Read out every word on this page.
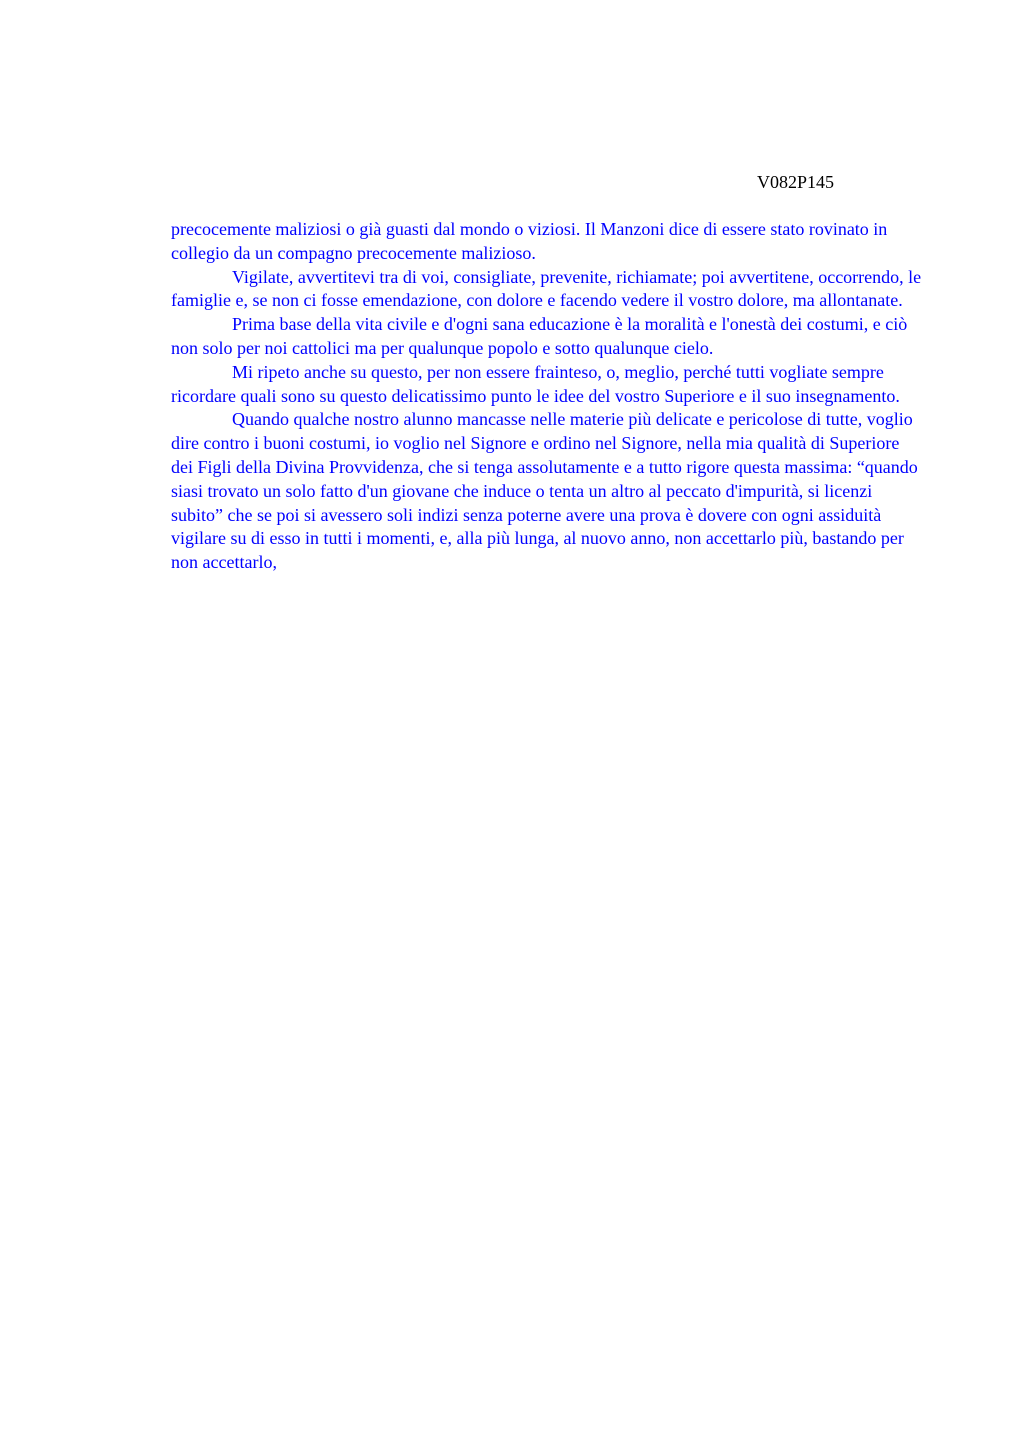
V082P145

precocemente maliziosi o già guasti dal mondo o viziosi. Il Manzoni dice di essere stato rovinato in collegio da un compagno precocemente malizioso.

Vigilate, avvertitevi tra di voi, consigliate, prevenite, richiamate; poi avvertitene, occorrendo, le famiglie e, se non ci fosse emendazione, con dolore e facendo vedere il vostro dolore, ma allontanate.

Prima base della vita civile e d'ogni sana educazione è la moralità e l'onestà dei costumi, e ciò non solo per noi cattolici ma per qualunque popolo e sotto qualunque cielo.

Mi ripeto anche su questo, per non essere frainteso, o, meglio, perché tutti vogliate sempre ricordare quali sono su questo delicatissimo punto le idee del vostro Superiore e il suo insegnamento.

Quando qualche nostro alunno mancasse nelle materie più delicate e pericolose di tutte, voglio dire contro i buoni costumi, io voglio nel Signore e ordino nel Signore, nella mia qualità di Superiore dei Figli della Divina Provvidenza, che si tenga assolutamente e a tutto rigore questa massima: “quando siasi trovato un solo fatto d'un giovane che induce o tenta un altro al peccato d'impurità, si licenzi subito” che se poi si avessero soli indizi senza poterne avere una prova è dovere con ogni assiduità vigilare su di esso in tutti i momenti, e, alla più lunga, al nuovo anno, non accettarlo più, bastando per non accettarlo,
